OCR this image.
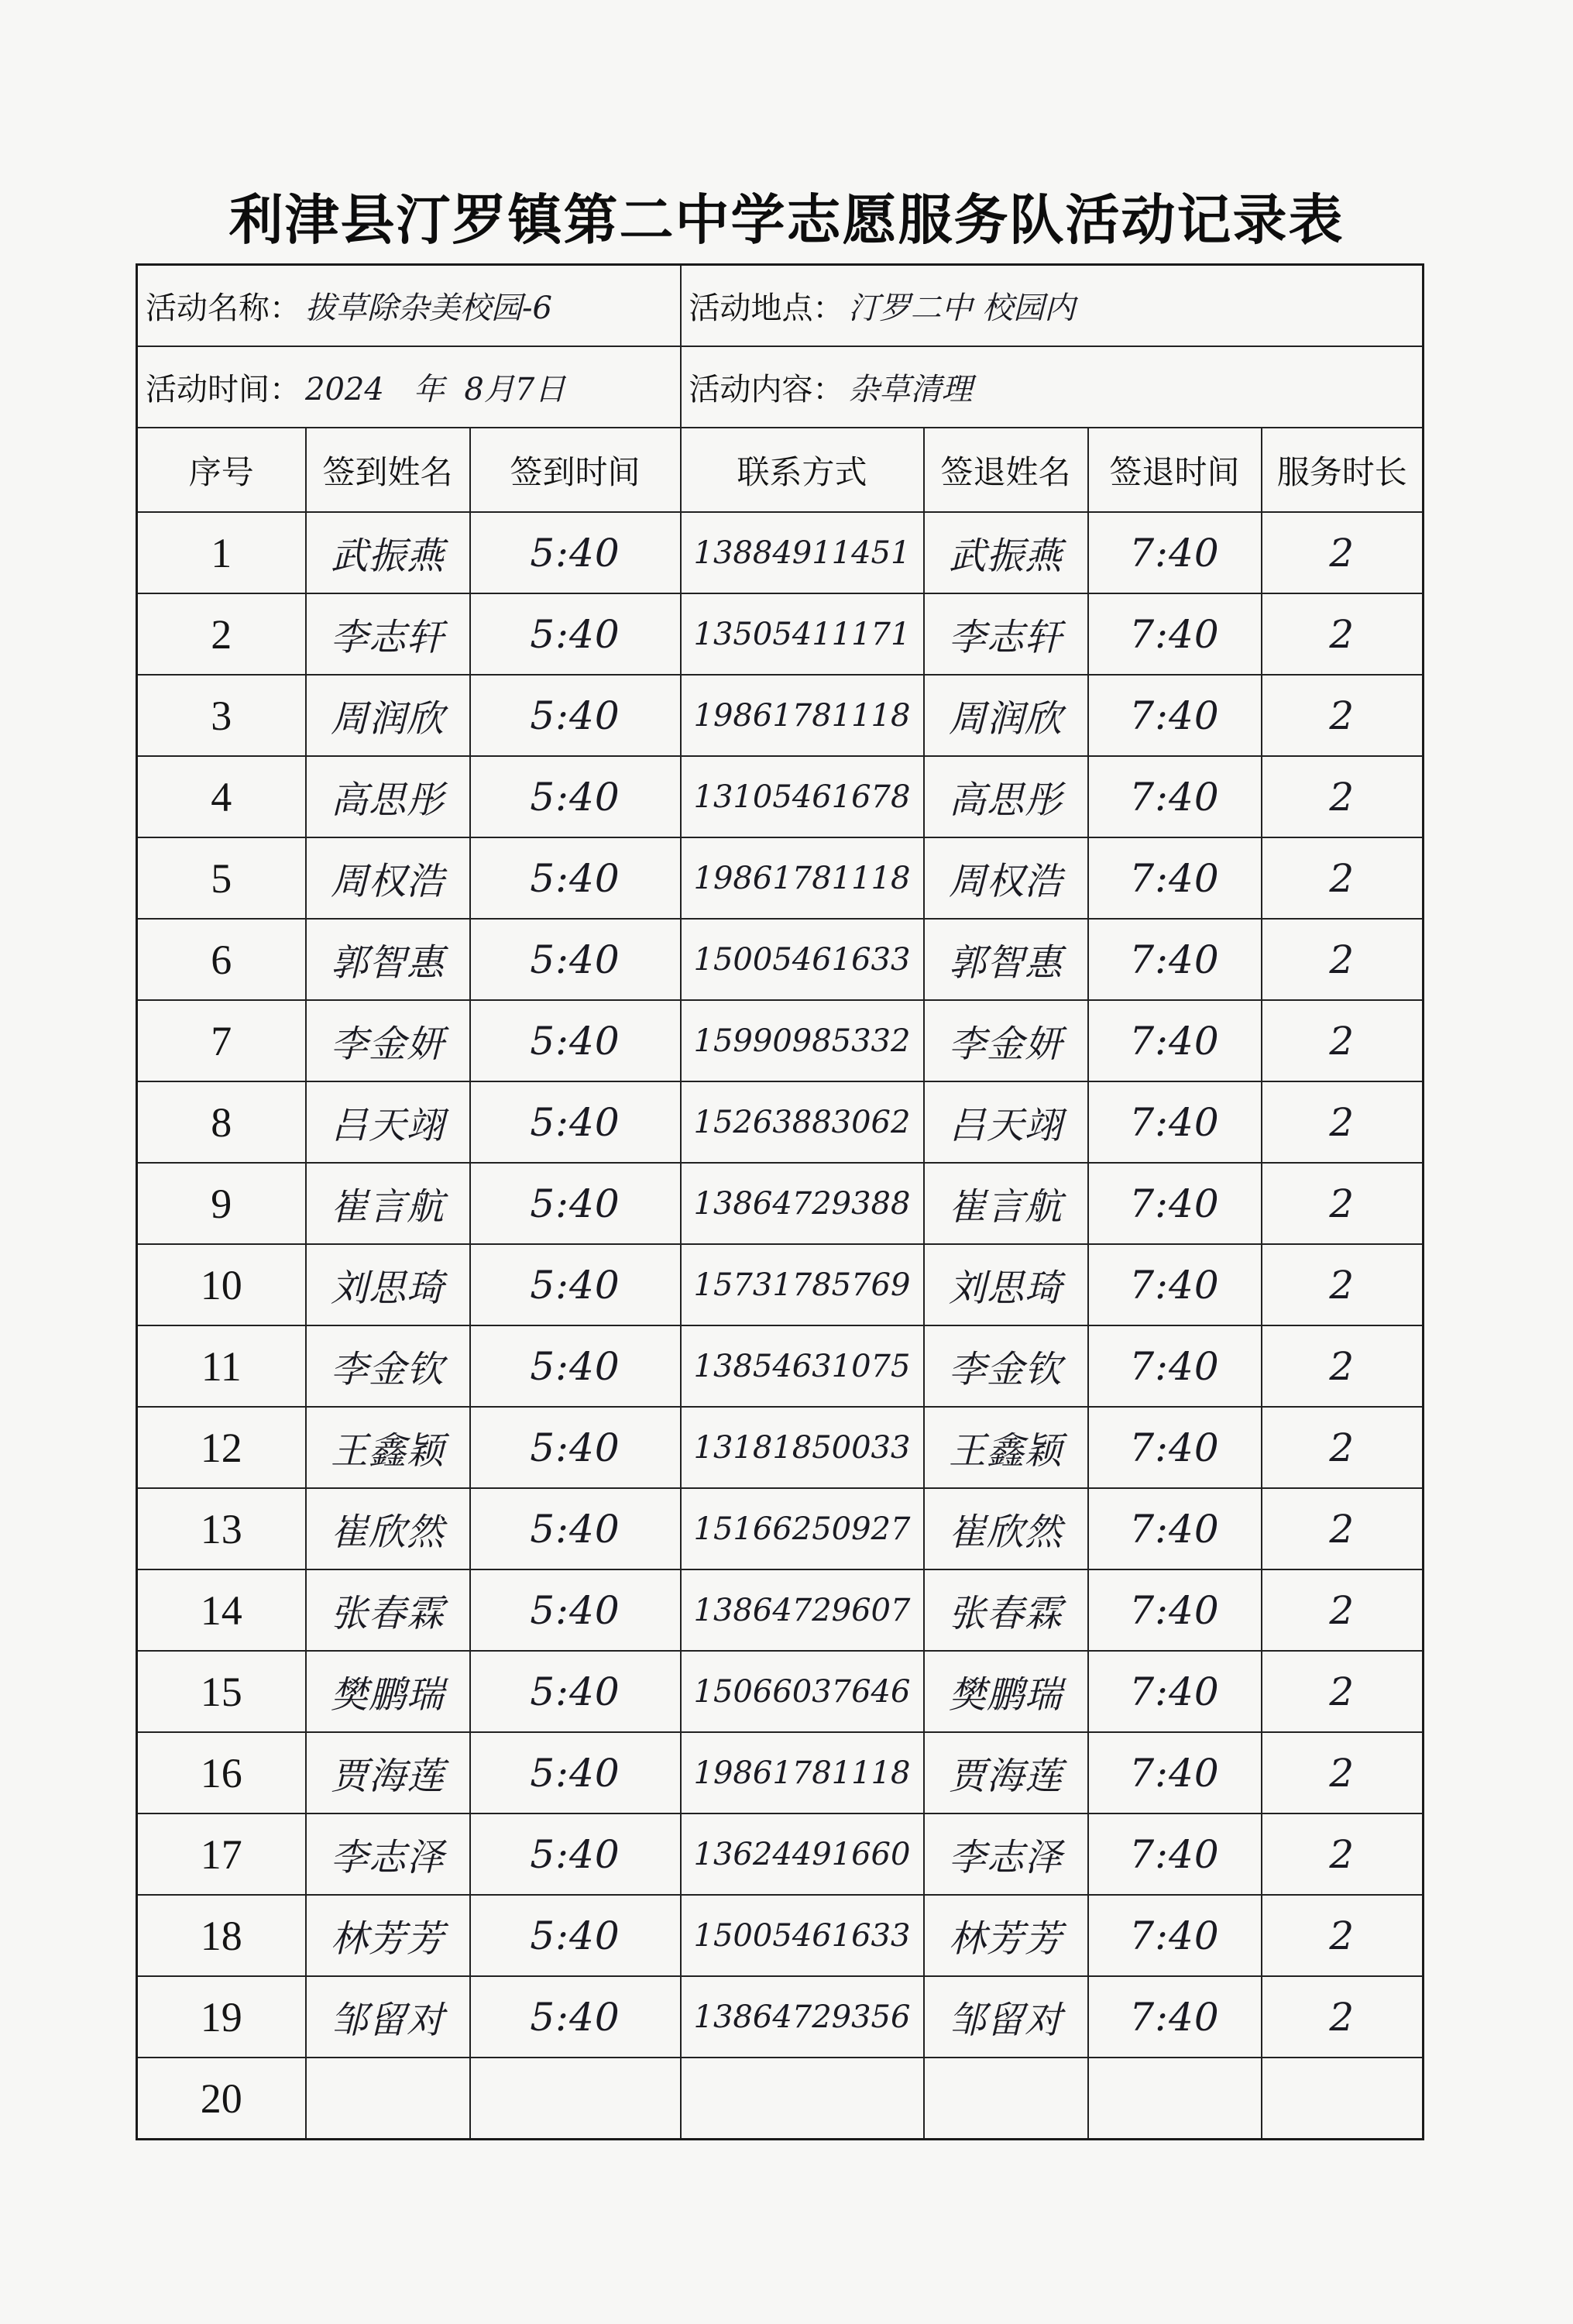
利津县汀罗镇第二中学志愿服务队活动记录表
活动名称： 拔草除杂美校园-6			活动地点： 汀罗二中 校园内			
活动时间： 2024   年  8月7日			活动内容： 杂草清理			
序号	签到姓名	签到时间	联系方式	签退姓名	签退时间	服务时长
1	武振燕	5:40	13884911451	武振燕	7:40	2
2	李志轩	5:40	13505411171	李志轩	7:40	2
3	周润欣	5:40	19861781118	周润欣	7:40	2
4	高思彤	5:40	13105461678	高思彤	7:40	2
5	周权浩	5:40	19861781118	周权浩	7:40	2
6	郭智惠	5:40	15005461633	郭智惠	7:40	2
7	李金妍	5:40	15990985332	李金妍	7:40	2
8	吕天翊	5:40	15263883062	吕天翊	7:40	2
9	崔言航	5:40	13864729388	崔言航	7:40	2
10	刘思琦	5:40	15731785769	刘思琦	7:40	2
11	李金钦	5:40	13854631075	李金钦	7:40	2
12	王鑫颖	5:40	13181850033	王鑫颖	7:40	2
13	崔欣然	5:40	15166250927	崔欣然	7:40	2
14	张春霖	5:40	13864729607	张春霖	7:40	2
15	樊鹏瑞	5:40	15066037646	樊鹏瑞	7:40	2
16	贾海莲	5:40	19861781118	贾海莲	7:40	2
17	李志泽	5:40	13624491660	李志泽	7:40	2
18	林芳芳	5:40	15005461633	林芳芳	7:40	2
19	邹留对	5:40	13864729356	邹留对	7:40	2
20						
